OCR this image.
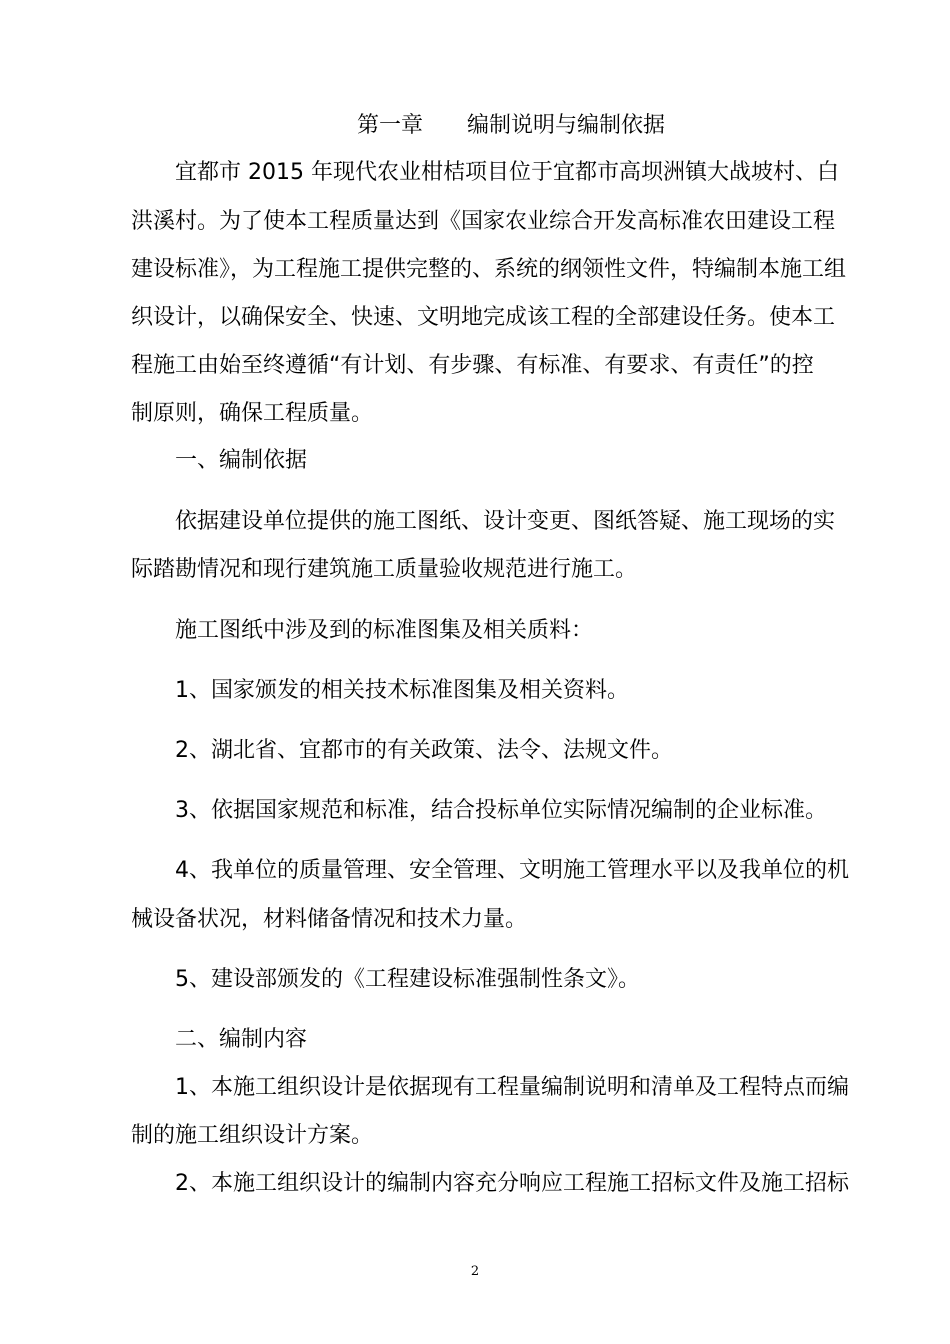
第一章 编制说明与编制依据
宜都市 2015 年现代农业柑桔项目位于宜都市高坝洲镇大战坡村、白
洪溪村。为了使本工程质量达到《国家农业综合开发高标准农田建设工程
建设标准》，为工程施工提供完整的、系统的纲领性文件，特编制本施工组
织设计，以确保安全、快速、文明地完成该工程的全部建设任务。使本工
程施工由始至终遵循“有计划、有步骤、有标准、有要求、有责任”的控
制原则，确保工程质量。
一、编制依据
依据建设单位提供的施工图纸、设计变更、图纸答疑、施工现场的实
际踏勘情况和现行建筑施工质量验收规范进行施工。
施工图纸中涉及到的标准图集及相关质料：
1、国家颁发的相关技术标准图集及相关资料。
2、湖北省、宜都市的有关政策、法令、法规文件。
3、依据国家规范和标准，结合投标单位实际情况编制的企业标准。
4、我单位的质量管理、安全管理、文明施工管理水平以及我单位的机
械设备状况，材料储备情况和技术力量。
5、建设部颁发的《工程建设标准强制性条文》。
二、编制内容
1、本施工组织设计是依据现有工程量编制说明和清单及工程特点而编
制的施工组织设计方案。
2、本施工组织设计的编制内容充分响应工程施工招标文件及施工招标
2
